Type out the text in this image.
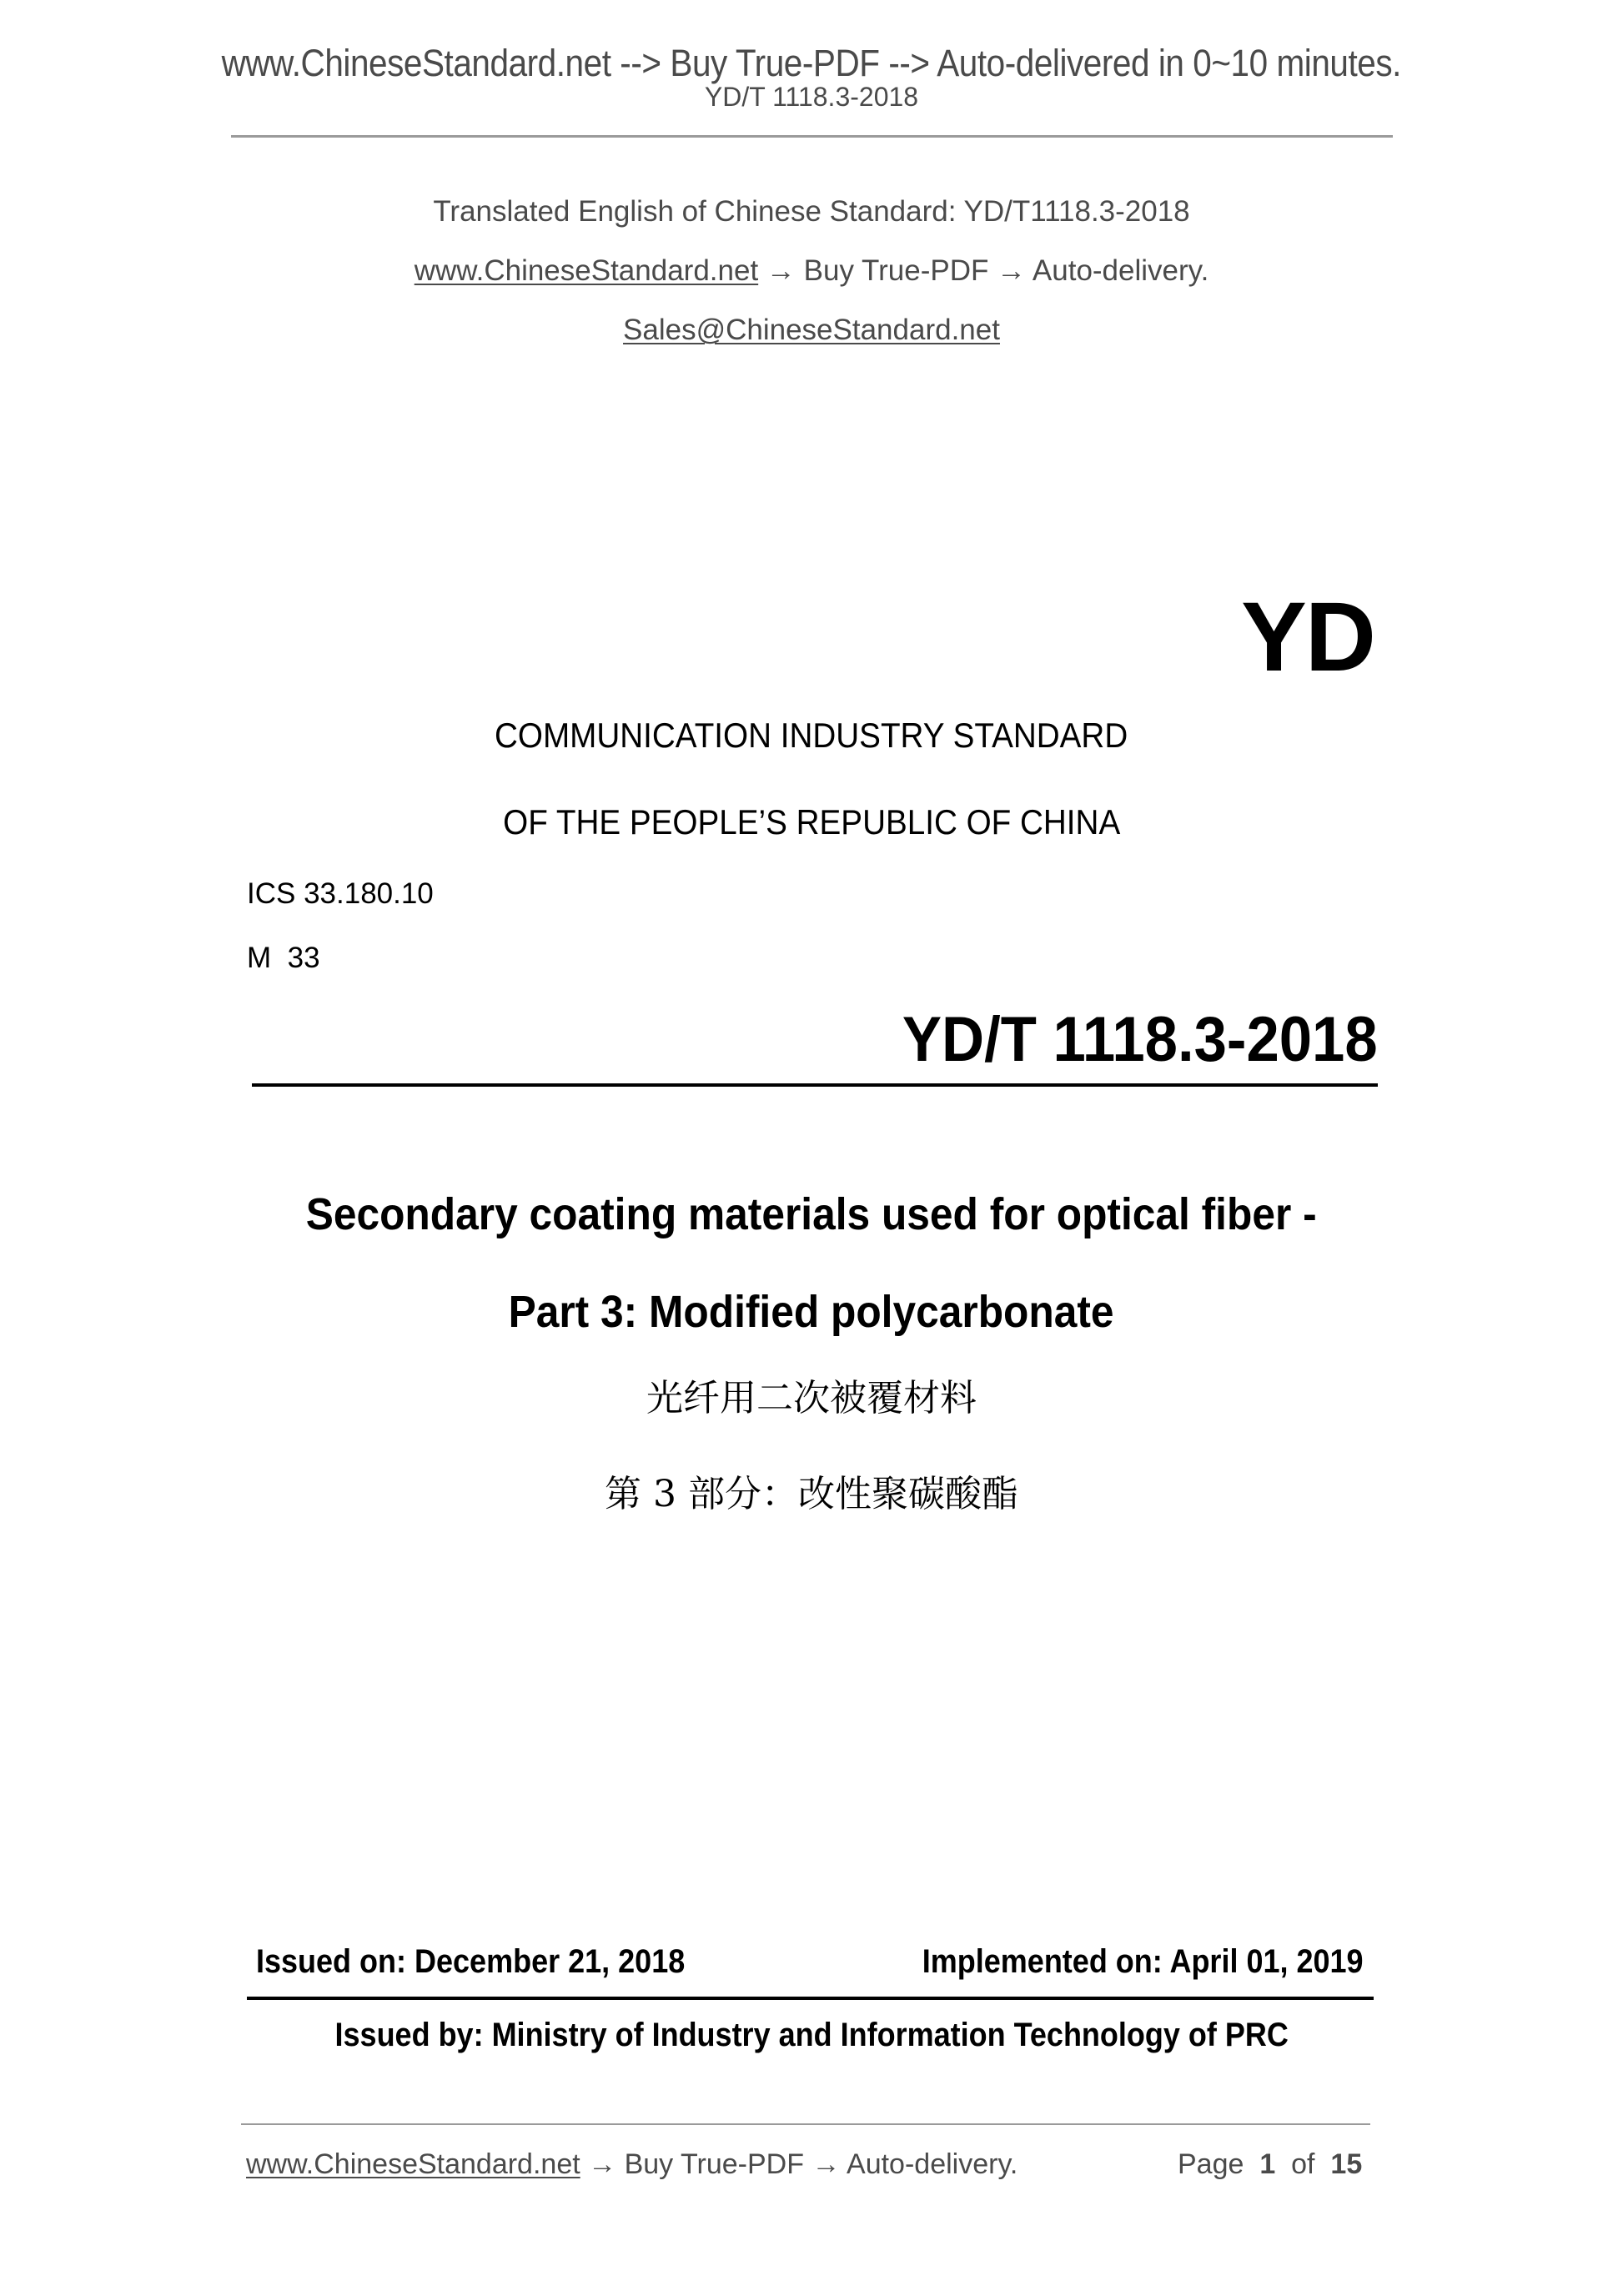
www.ChineseStandard.net --> Buy True-PDF --> Auto-delivered in 0~10 minutes.
YD/T 1118.3-2018
Translated English of Chinese Standard: YD/T1118.3-2018
www.ChineseStandard.net → Buy True-PDF → Auto-delivery.
Sales@ChineseStandard.net
YD
COMMUNICATION INDUSTRY STANDARD
OF THE PEOPLE’S REPUBLIC OF CHINA
ICS 33.180.10
M  33
YD/T 1118.3-2018
Secondary coating materials used for optical fiber -
Part 3: Modified polycarbonate
光纤用二次被覆材料
第 3 部分：改性聚碳酸酯
Issued on: December 21, 2018	Implemented on: April 01, 2019
Issued by: Ministry of Industry and Information Technology of PRC
www.ChineseStandard.net → Buy True-PDF → Auto-delivery.	Page 1 of 15
